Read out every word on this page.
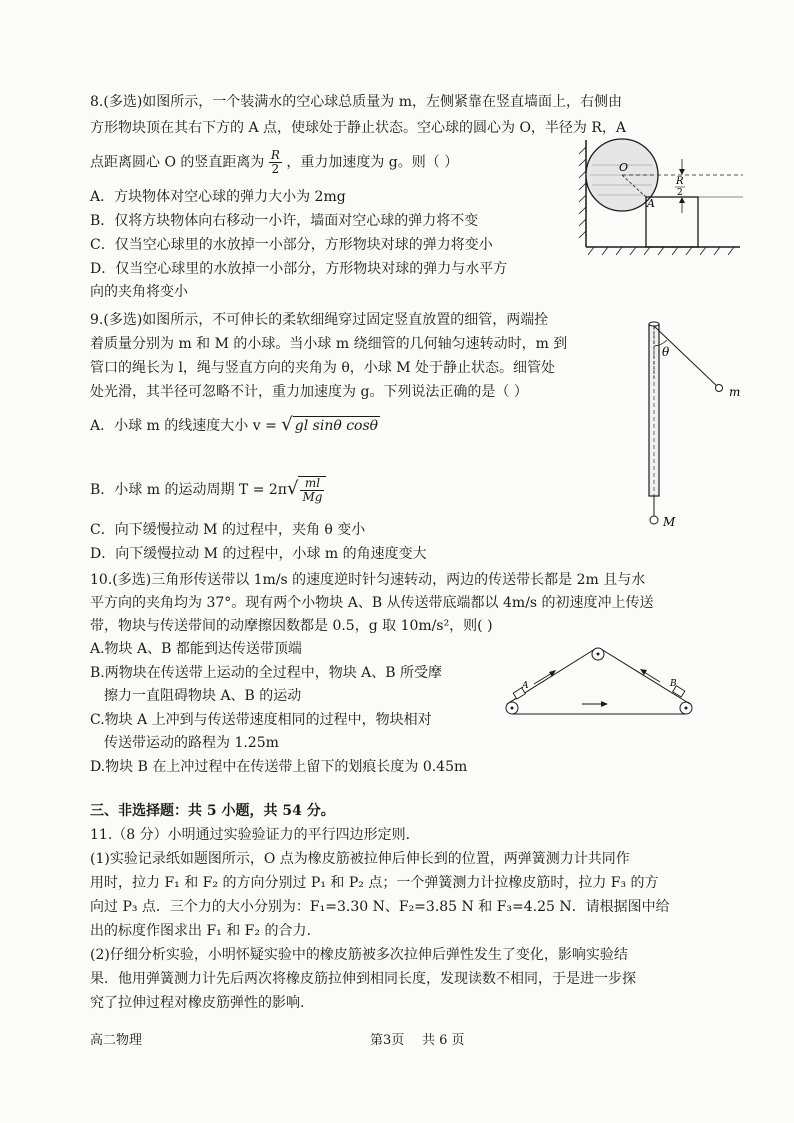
8.(多选)如图所示，一个装满水的空心球总质量为 m，左侧紧靠在竖直墙面上，右侧由
方形物块顶在其右下方的 A 点，使球处于静止状态。空心球的圆心为 O，半径为 R，A
点距离圆心 O 的竖直距离为 $\frac{R}{2}$ ，重力加速度为 g。则（ ）
A．方块物体对空心球的弹力大小为 2mg
B．仅将方块物体向右移动一小许，墙面对空心球的弹力将不变
C．仅当空心球里的水放掉一小部分，方形物块对球的弹力将变小
D．仅当空心球里的水放掉一小部分，方形物块对球的弹力与水平方
向的夹角将变小
R
2
O
A
9.(多选)如图所示，不可伸长的柔软细绳穿过固定竖直放置的细管，两端拴
着质量分别为 m 和 M 的小球。当小球 m 绕细管的几何轴匀速转动时，m 到
管口的绳长为 l，绳与竖直方向的夹角为 θ，小球 M 处于静止状态。细管处
处光滑，其半径可忽略不计，重力加速度为 g。下列说法正确的是（ ）
A．小球 m 的线速度大小 v = √ gl sinθ cosθ
B．小球 m 的运动周期 $T = 2\pi√ \frac{ml}{Mg}$
C．向下缓慢拉动 M 的过程中，夹角 θ 变小
D．向下缓慢拉动 M 的过程中，小球 m 的角速度变大
θ
m
M
10.(多选)三角形传送带以 1m/s 的速度逆时针匀速转动，两边的传送带长都是 2m 且与水
平方向的夹角均为 37°。现有两个小物块 A、B 从传送带底端都以 4m/s 的初速度冲上传送
带，物块与传送带间的动摩擦因数都是 0.5，g 取 10m/s²，则( )
A.物块 A、B 都能到达传送带顶端
B.两物块在传送带上运动的全过程中，物块 A、B 所受摩
擦力一直阻碍物块 A、B 的运动
C.物块 A 上冲到与传送带速度相同的过程中，物块相对
传送带运动的路程为 1.25m
D.物块 B 在上冲过程中在传送带上留下的划痕长度为 0.45m
A	B
三、非选择题：共 5 小题，共 54 分。
11.（8 分）小明通过实验验证力的平行四边形定则.
(1)实验记录纸如题图所示，O 点为橡皮筋被拉伸后伸长到的位置，两弹簧测力计共同作
用时，拉力 F₁ 和 F₂ 的方向分别过 P₁ 和 P₂ 点；一个弹簧测力计拉橡皮筋时，拉力 F₃ 的方
向过 P₃ 点．三个力的大小分别为：F₁=3.30 N、F₂=3.85 N 和 F₃=4.25 N．请根据图中给
出的标度作图求出 F₁ 和 F₂ 的合力.
(2)仔细分析实验，小明怀疑实验中的橡皮筋被多次拉伸后弹性发生了变化，影响实验结
果．他用弹簧测力计先后两次将橡皮筋拉伸到相同长度，发现读数不相同，于是进一步探
究了拉伸过程对橡皮筋弹性的影响.
高二物理	第3页 共 6 页
